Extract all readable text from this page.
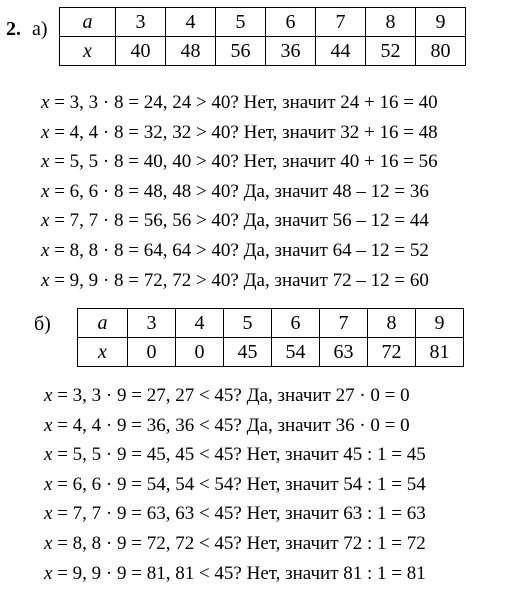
2. а) a	3	4	5	6	7	8	9
x	40	48	56	36	44	52	80
x = 3, 3 · 8 = 24, 24 > 40? Нет, значит 24 + 16 = 40
x = 4, 4 · 8 = 32, 32 > 40? Нет, значит 32 + 16 = 48
x = 5, 5 · 8 = 40, 40 > 40? Нет, значит 40 + 16 = 56
x = 6, 6 · 8 = 48, 48 > 40? Да, значит 48 – 12 = 36
x = 7, 7 · 8 = 56, 56 > 40? Да, значит 56 – 12 = 44
x = 8, 8 · 8 = 64, 64 > 40? Да, значит 64 – 12 = 52
x = 9, 9 · 8 = 72, 72 > 40? Да, значит 72 – 12 = 60
б) a	3	4	5	6	7	8	9
x	0	0	45	54	63	72	81
x = 3, 3 · 9 = 27, 27 < 45? Да, значит 27 · 0 = 0
x = 4, 4 · 9 = 36, 36 < 45? Да, значит 36 · 0 = 0
x = 5, 5 · 9 = 45, 45 < 45? Нет, значит 45 : 1 = 45
x = 6, 6 · 9 = 54, 54 < 54? Нет, значит 54 : 1 = 54
x = 7, 7 · 9 = 63, 63 < 45? Нет, значит 63 : 1 = 63
x = 8, 8 · 9 = 72, 72 < 45? Нет, значит 72 : 1 = 72
x = 9, 9 · 9 = 81, 81 < 45? Нет, значит 81 : 1 = 81
